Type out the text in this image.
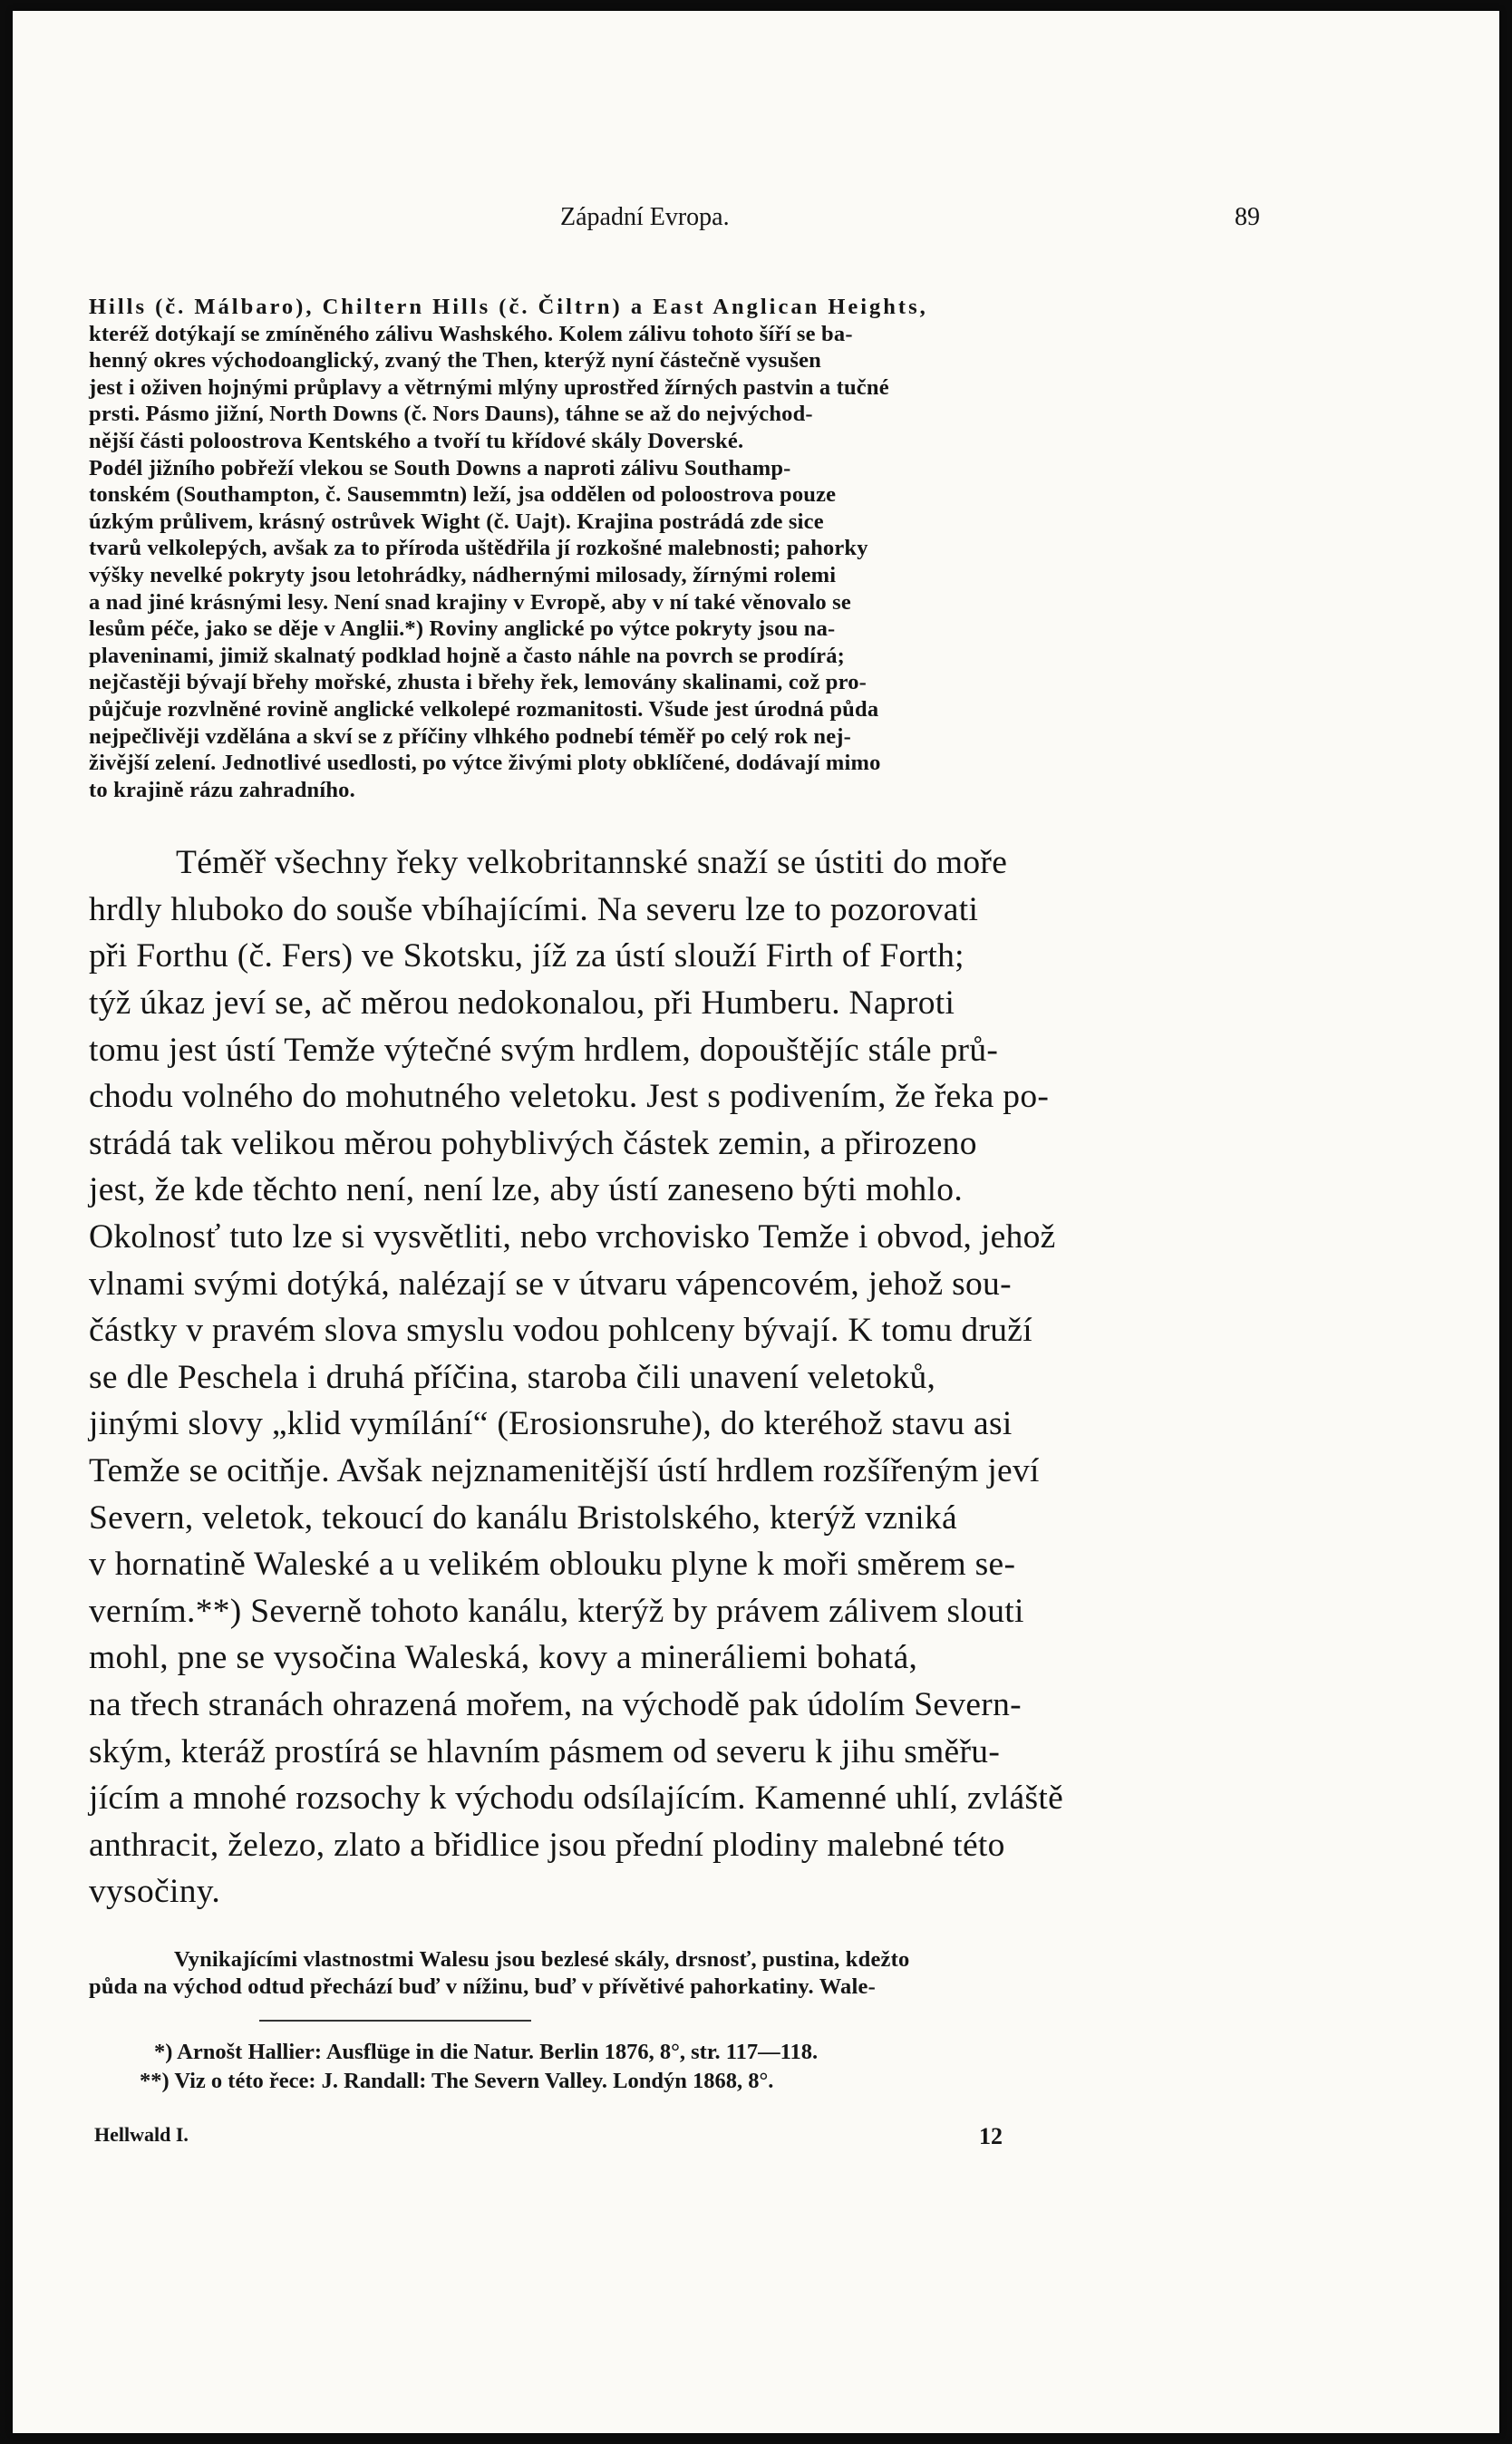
Západní Evropa.	89

Hills (č. Málbaro), Chiltern Hills (č. Čiltrn) a East Anglican Heights,

kteréž dotýkají se zmíněného zálivu Washského. Kolem zálivu tohoto šíří se ba-

henný okres východoanglický, zvaný the Then, kterýž nyní částečně vysušen

jest i oživen hojnými průplavy a větrnými mlýny uprostřed žírných pastvin a tučné

prsti. Pásmo jižní, North Downs (č. Nors Dauns), táhne se až do nejvýchod-

nější části poloostrova Kentského a tvoří tu křídové skály Doverské.

Podél jižního pobřeží vlekou se South Downs a naproti zálivu Southamp-

tonském (Southampton, č. Sausemmtn) leží, jsa oddělen od poloostrova pouze

úzkým průlivem, krásný ostrůvek Wight (č. Uajt). Krajina postrádá zde sice

tvarů velkolepých, avšak za to příroda uštědřila jí rozkošné malebnosti; pahorky

výšky nevelké pokryty jsou letohrádky, nádhernými milosady, žírnými rolemi

a nad jiné krásnými lesy. Není snad krajiny v Evropě, aby v ní také věnovalo se

lesům péče, jako se děje v Anglii.*) Roviny anglické po výtce pokryty jsou na-

plaveninami, jimiž skalnatý podklad hojně a často náhle na povrch se prodírá;

nejčastěji bývají břehy mořské, zhusta i břehy řek, lemovány skalinami, což pro-

půjčuje rozvlněné rovině anglické velkolepé rozmanitosti. Všude jest úrodná půda

nejpečlivěji vzdělána a skví se z příčiny vlhkého podnebí téměř po celý rok nej-

živější zelení. Jednotlivé usedlosti, po výtce živými ploty obklíčené, dodávají mimo

to krajině rázu zahradního.

Téměř všechny řeky velkobritannské snaží se ústiti do moře

hrdly hluboko do souše vbíhajícími. Na severu lze to pozorovati

při Forthu (č. Fers) ve Skotsku, jíž za ústí slouží Firth of Forth;

týž úkaz jeví se, ač měrou nedokonalou, při Humberu. Naproti

tomu jest ústí Temže výtečné svým hrdlem, dopouštějíc stále prů-

chodu volného do mohutného veletoku. Jest s podivením, že řeka po-

strádá tak velikou měrou pohyblivých částek zemin, a přirozeno

jest, že kde těchto není, není lze, aby ústí zaneseno býti mohlo.

Okolnosť tuto lze si vysvětliti, nebo vrchovisko Temže i obvod, jehož

vlnami svými dotýká, nalézají se v útvaru vápencovém, jehož sou-

částky v pravém slova smyslu vodou pohlceny bývají. K tomu druží

se dle Peschela i druhá příčina, staroba čili unavení veletoků,

jinými slovy „klid vymílání“ (Erosionsruhe), do kteréhož stavu asi

Temže se ocitňje. Avšak nejznamenitější ústí hrdlem rozšířeným jeví

Severn, veletok, tekoucí do kanálu Bristolského, kterýž vzniká

v hornatině Waleské a u velikém oblouku plyne k moři směrem se-

verním.**) Severně tohoto kanálu, kterýž by právem zálivem slouti

mohl, pne se vysočina Waleská, kovy a mineráliemi bohatá,

na třech stranách ohrazená mořem, na východě pak údolím Severn-

ským, kteráž prostírá se hlavním pásmem od severu k jihu směřu-

jícím a mnohé rozsochy k východu odsílajícím. Kamenné uhlí, zvláště

anthracit, železo, zlato a břidlice jsou přední plodiny malebné této

vysočiny.

Vynikajícími vlastnostmi Walesu jsou bezlesé skály, drsnosť, pustina, kdežto

půda na východ odtud přechází buď v nížinu, buď v přívětivé pahorkatiny. Wale-

*) Arnošt Hallier: Ausflüge in die Natur. Berlin 1876, 8°, str. 117—118.
**) Viz o této řece: J. Randall: The Severn Valley. Londýn 1868, 8°.
Hellwald I.	12
